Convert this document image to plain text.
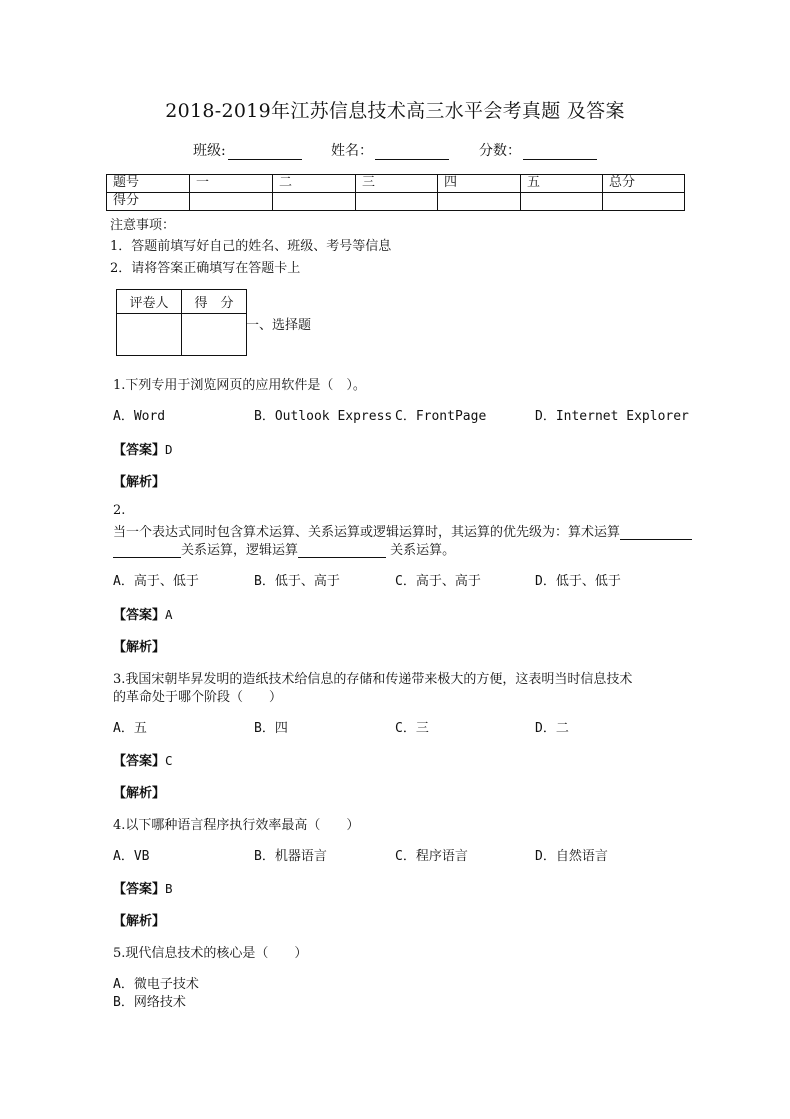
2018-2019年江苏信息技术高三水平会考真题 及答案
班级:	姓名：	分数：
题号	一	二	三	四	五	总分
得分						
注意事项：
1．答题前填写好自己的姓名、班级、考号等信息
2．请将答案正确填写在答题卡上
评卷人	得　分

一、选择题
1.下列专用于浏览网页的应用软件是（　）。
A．Word	B．Outlook Express C．FrontPage	D．Internet Explorer
【答案】D
【解析】
2.
当一个表达式同时包含算术运算、关系运算或逻辑运算时，其运算的优先级为：算术运算
关系运算，逻辑运算	关系运算。
A．高于、低于	B．低于、高于	C．高于、高于	D．低于、低于
【答案】A
【解析】
3.我国宋朝毕昇发明的造纸技术给信息的存储和传递带来极大的方便，这表明当时信息技术
的革命处于哪个阶段（　　）
A．五	B．四	C．三	D．二
【答案】C
【解析】
4.以下哪种语言程序执行效率最高（　　）
A．VB	B．机器语言	C．程序语言	D．自然语言
【答案】B
【解析】
5.现代信息技术的核心是（　　）
A．微电子技术
B．网络技术
